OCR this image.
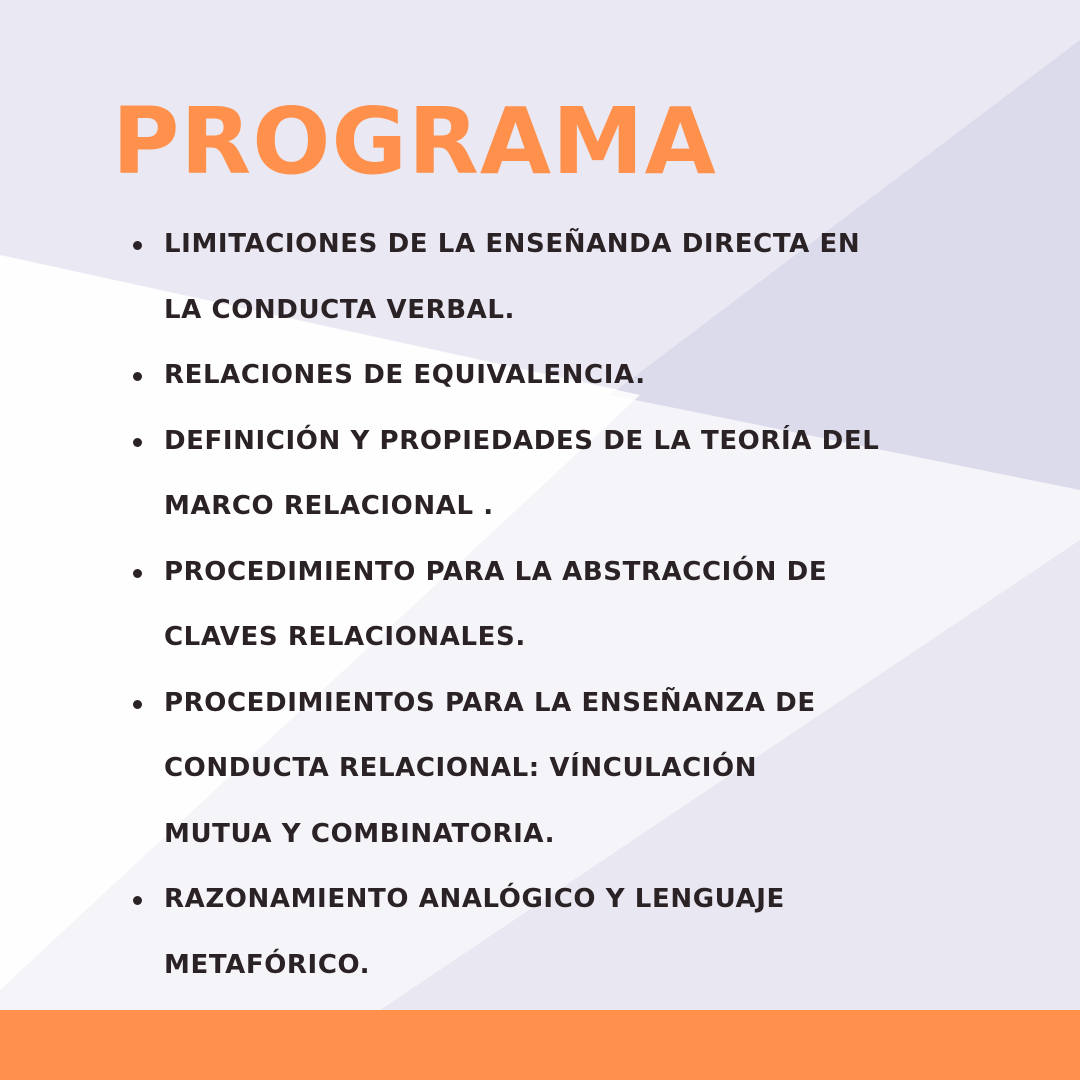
PROGRAMA
LIMITACIONES DE LA ENSEÑANDA DIRECTA EN
LA CONDUCTA VERBAL.
RELACIONES DE EQUIVALENCIA.
DEFINICIÓN Y PROPIEDADES DE LA TEORÍA DEL
MARCO RELACIONAL .
PROCEDIMIENTO PARA LA ABSTRACCIÓN DE
CLAVES RELACIONALES.
PROCEDIMIENTOS PARA LA ENSEÑANZA DE
CONDUCTA RELACIONAL: VÍNCULACIÓN
MUTUA Y COMBINATORIA.
RAZONAMIENTO ANALÓGICO Y LENGUAJE
METAFÓRICO.
